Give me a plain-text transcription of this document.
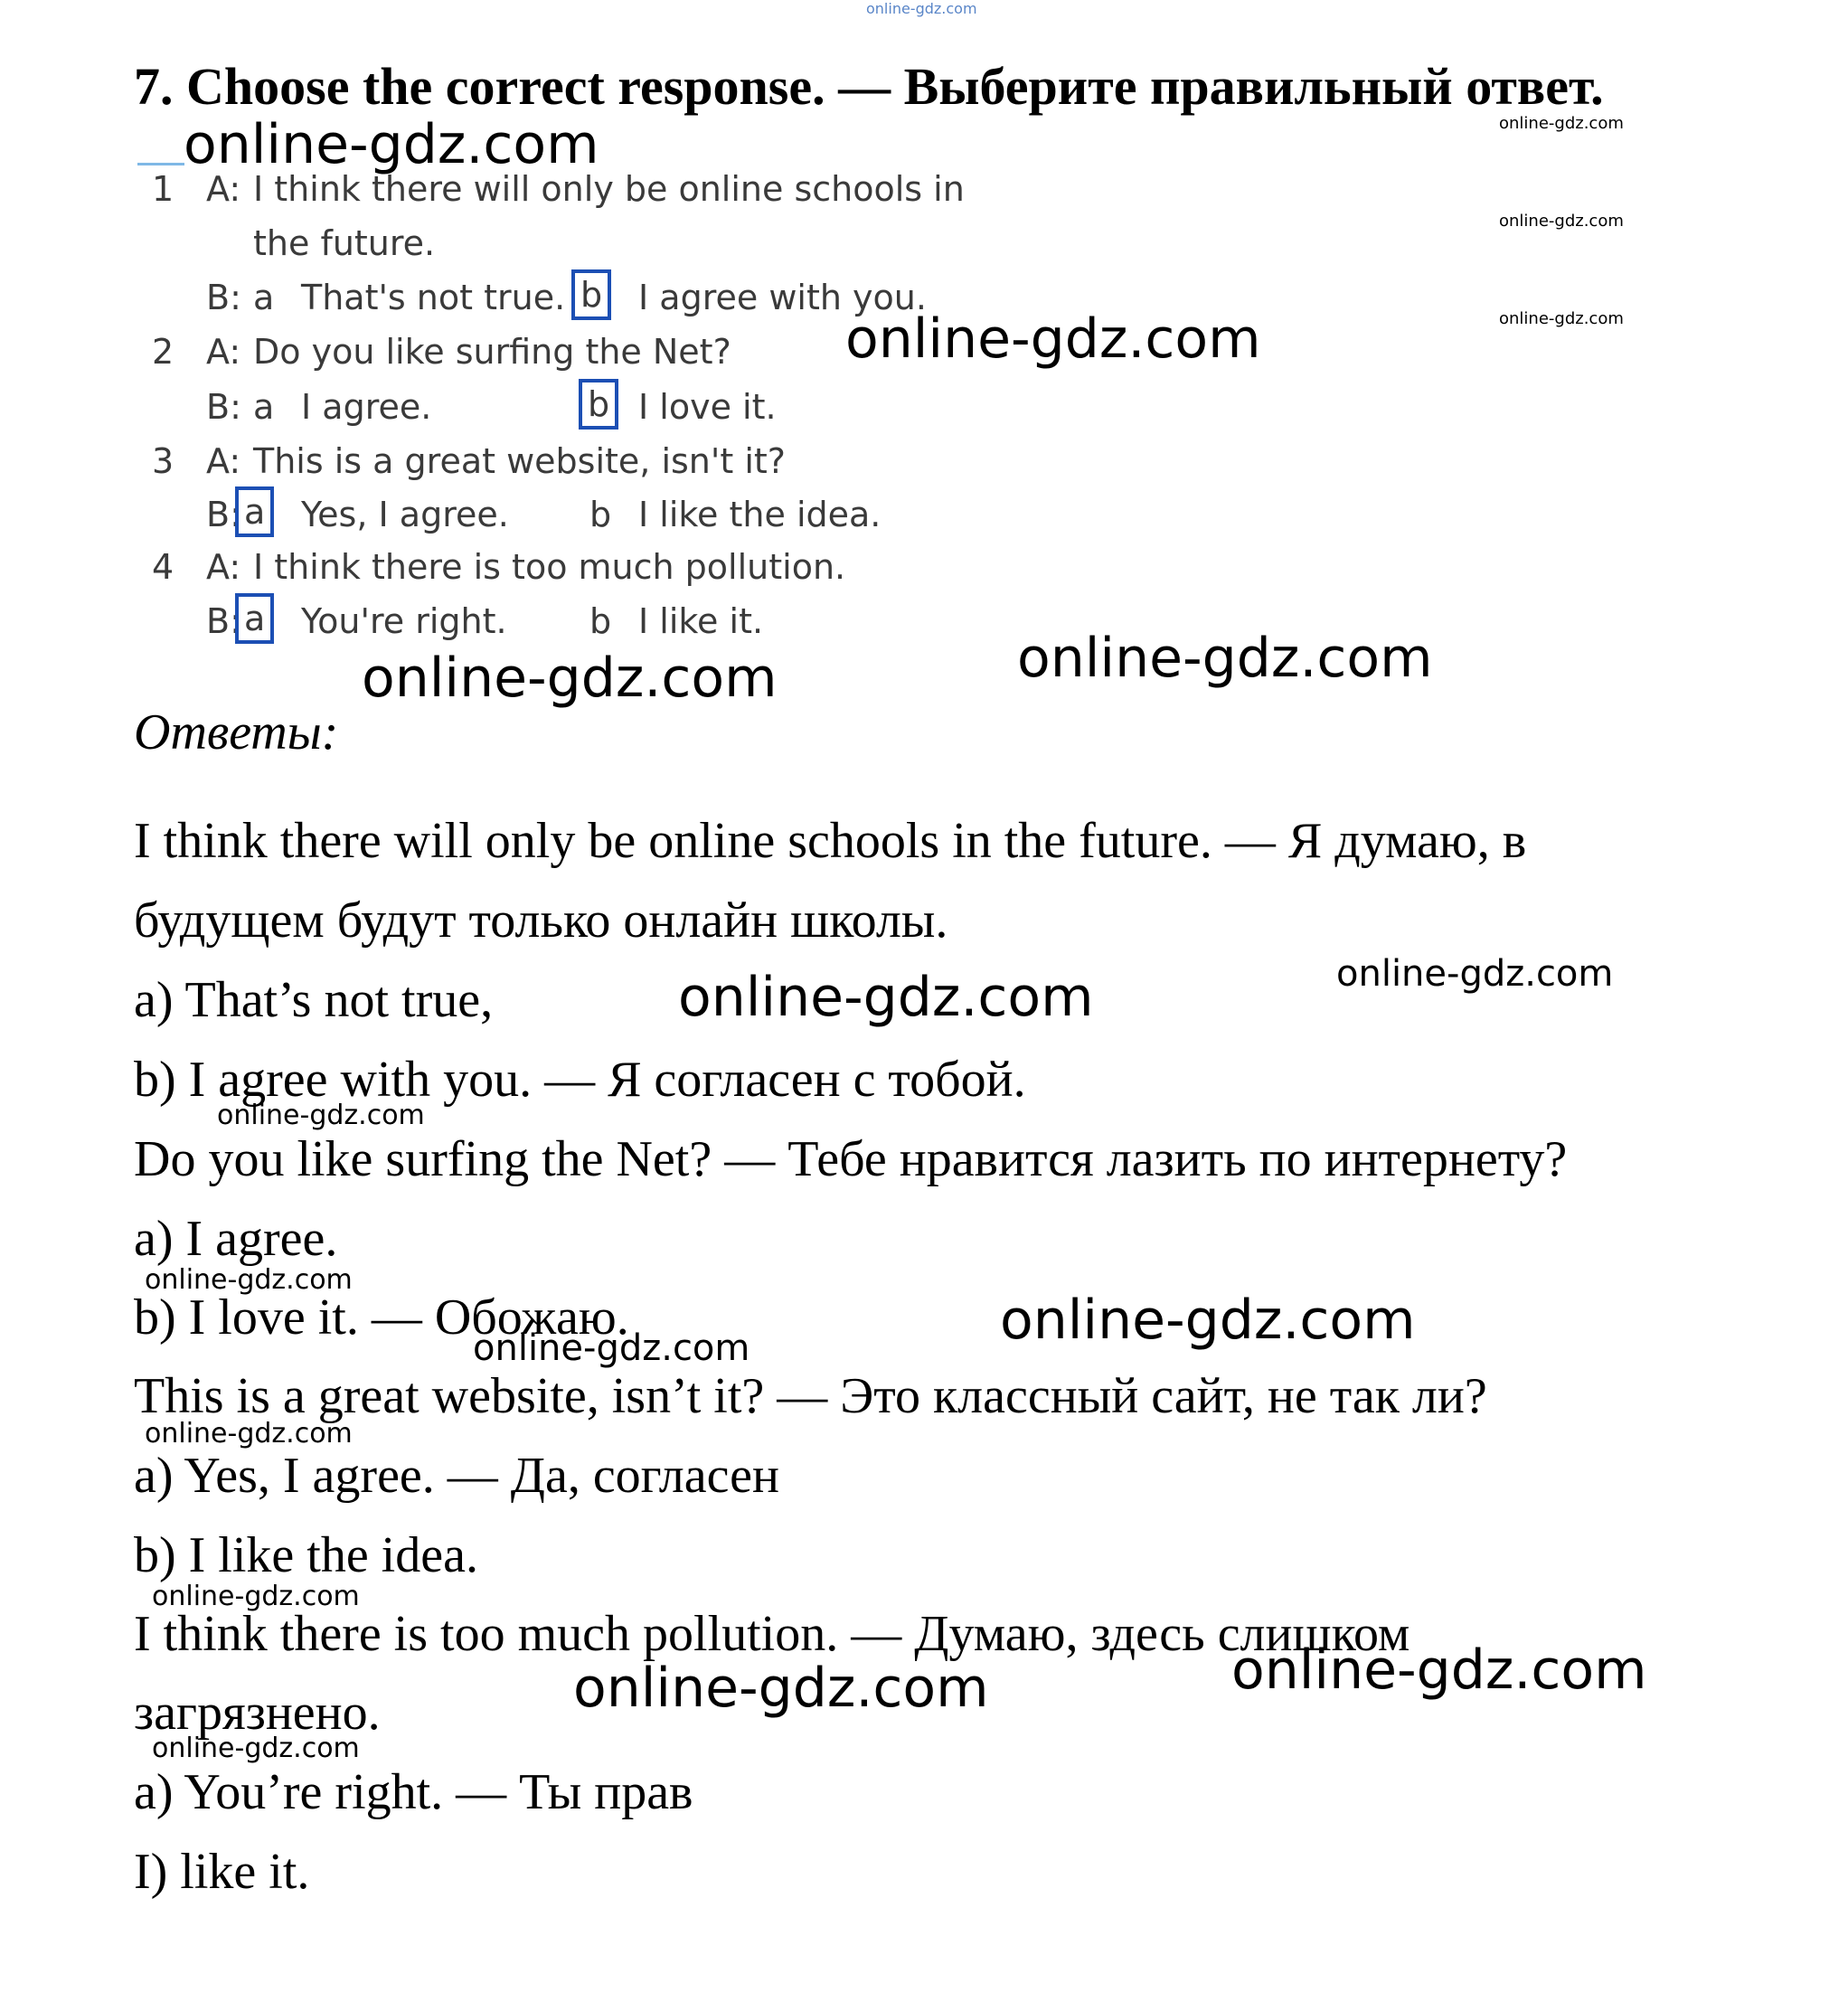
online-gdz.com
7. Choose the correct response. — Выберите правильный ответ.
online-gdz.com
online-gdz.com
1 A: I think there will only be online schools in
the future.
B: a That's not true. b I agree with you.
2 A: Do you like surfing the Net?
B: a I agree.	b I love it.
3 A: This is a great website, isn't it?
B: a Yes, I agree. b I like the idea.
4 A: I think there is too much pollution.
B: a You're right. b I like it.
online-gdz.com
online-gdz.com
online-gdz.com
online-gdz.com	online-gdz.com
Ответы:
I think there will only be online schools in the future. — Я думаю, в
будущем будут только онлайн школы.
a) That’s not true,
b) I agree with you. — Я согласен с тобой.
Do you like surfing the Net? — Тебе нравится лазить по интернету?
a) I agree.
b) I love it. — Обожаю.
This is a great website, isn’t it? — Это классный сайт, не так ли?
a) Yes, I agree. — Да, согласен
b) I like the idea.
I think there is too much pollution. — Думаю, здесь слишком
загрязнено.
a) You’re right. — Ты прав
I) like it.
online-gdz.com
online-gdz.com
online-gdz.com
online-gdz.com
online-gdz.com	online-gdz.com
online-gdz.com
online-gdz.com
online-gdz.com
online-gdz.com
online-gdz.com
